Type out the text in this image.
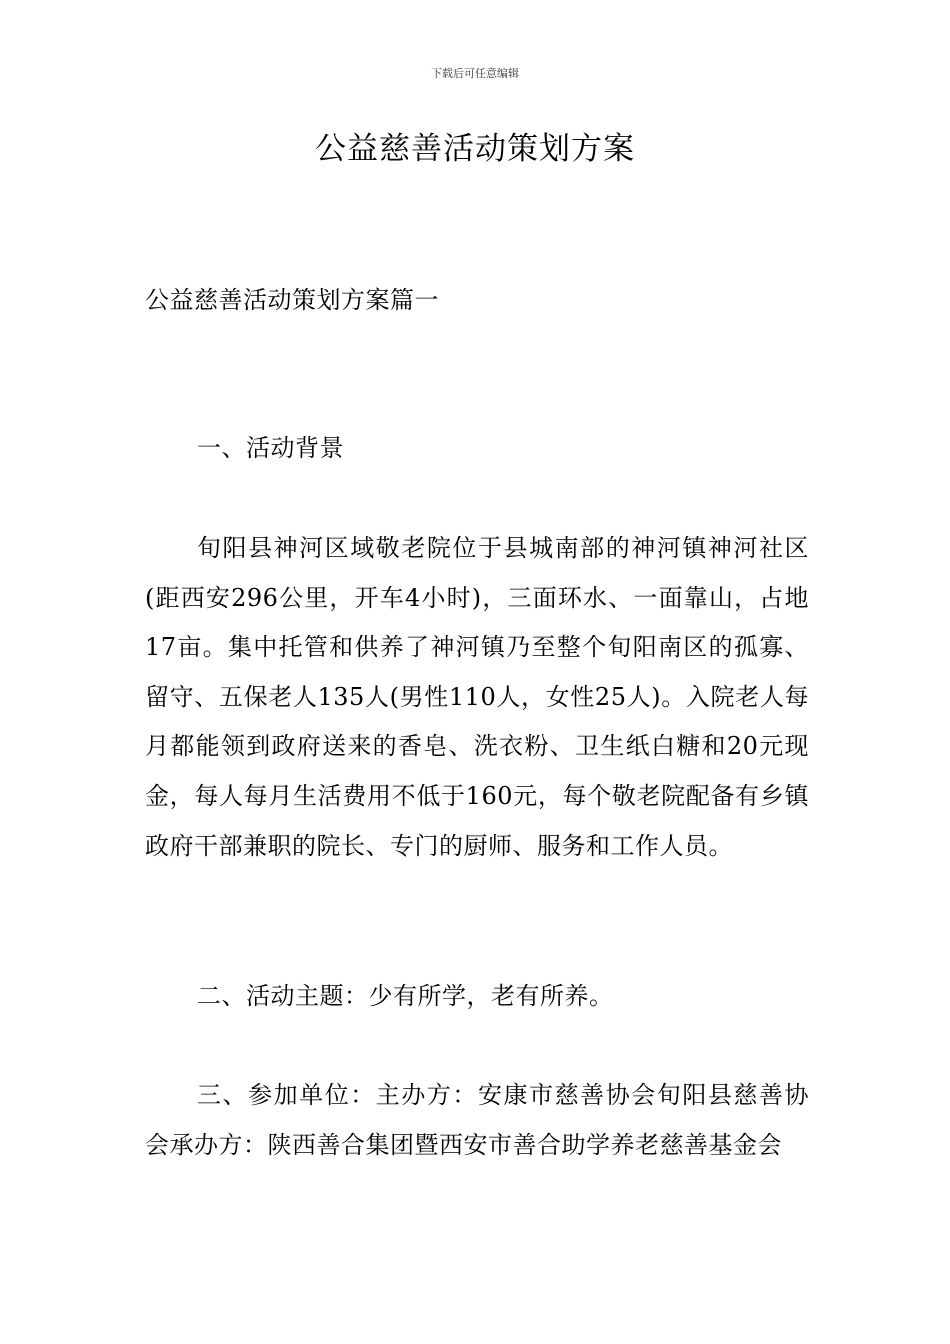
下载后可任意编辑
公益慈善活动策划方案

公益慈善活动策划方案篇一

一、活动背景

旬阳县神河区域敬老院位于县城南部的神河镇神河社区(距西安296公里，开车4小时)，三面环水、一面靠山，占地17亩。集中托管和供养了神河镇乃至整个旬阳南区的孤寡、留守、五保老人135人(男性110人，女性25人)。入院老人每月都能领到政府送来的香皂、洗衣粉、卫生纸白糖和20元现金，每人每月生活费用不低于160元，每个敬老院配备有乡镇政府干部兼职的院长、专门的厨师、服务和工作人员。

二、活动主题：少有所学，老有所养。

三、参加单位：主办方：安康市慈善协会旬阳县慈善协会承办方：陕西善合集团暨西安市善合助学养老慈善基金会
